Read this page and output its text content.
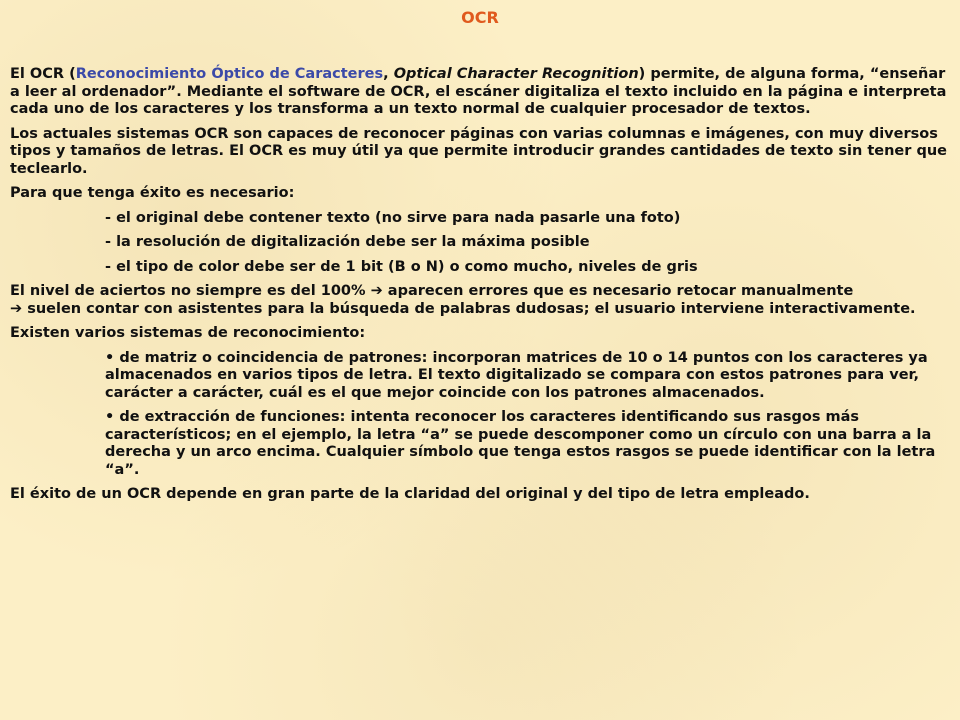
OCR

El OCR (Reconocimiento Óptico de Caracteres, Optical Character Recognition) permite, de alguna forma, “enseñar a leer al ordenador”. Mediante el software de OCR, el escáner digitaliza el texto incluido en la página e interpreta cada uno de los caracteres y los transforma a un texto normal de cualquier procesador de textos.

Los actuales sistemas OCR son capaces de reconocer páginas con varias columnas e imágenes, con muy diversos tipos y tamaños de letras. El OCR es muy útil ya que permite introducir grandes cantidades de texto sin tener que teclearlo.

Para que tenga éxito es necesario:

- el original debe contener texto (no sirve para nada pasarle una foto)

- la resolución de digitalización debe ser la máxima posible

- el tipo de color debe ser de 1 bit (B o N) o como mucho, niveles de gris

El nivel de aciertos no siempre es del 100% ➔ aparecen errores que es necesario retocar manualmente
➔ suelen contar con asistentes para la búsqueda de palabras dudosas; el usuario interviene interactivamente.

Existen varios sistemas de reconocimiento:

• de matriz o coincidencia de patrones: incorporan matrices de 10 o 14 puntos con los caracteres ya almacenados en varios tipos de letra. El texto digitalizado se compara con estos patrones para ver, carácter a carácter, cuál es el que mejor coincide con los patrones almacenados.

• de extracción de funciones: intenta reconocer los caracteres identificando sus rasgos más característicos; en el ejemplo, la letra “a” se puede descomponer como un círculo con una barra a la derecha y un arco encima. Cualquier símbolo que tenga estos rasgos se puede identificar con la letra “a”.

El éxito de un OCR depende en gran parte de la claridad del original y del tipo de letra empleado.
